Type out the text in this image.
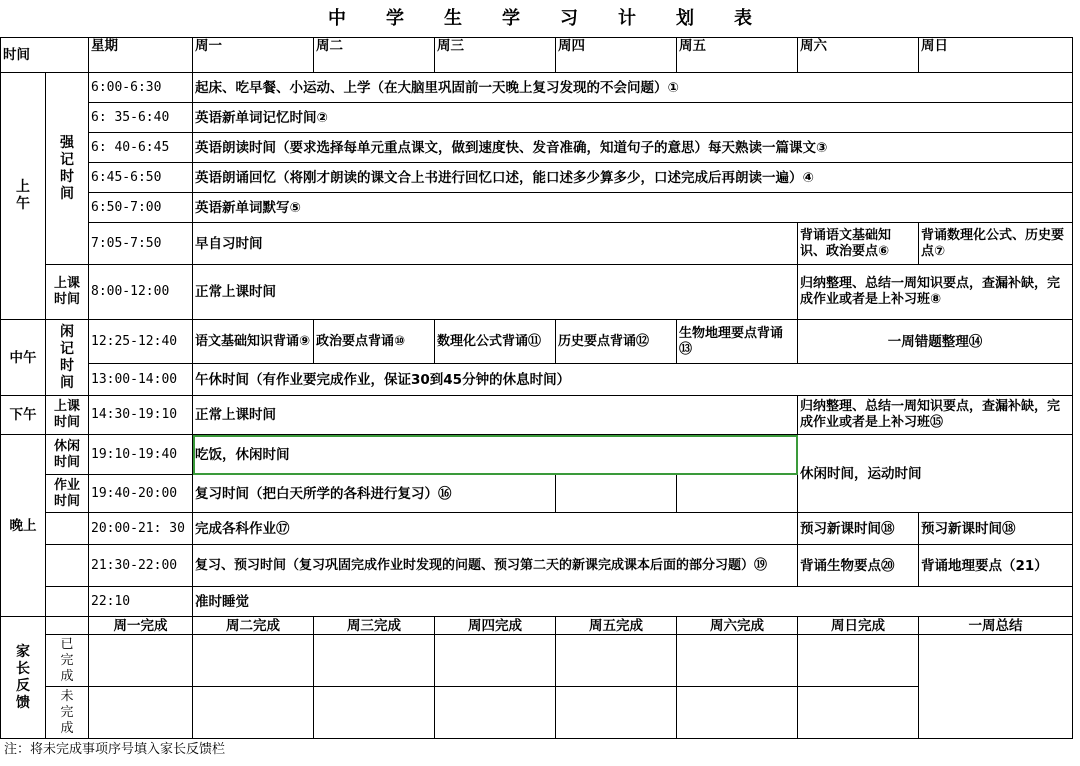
中学生学习计划表
时间		星期	周一	周二	周三	周四	周五	周六	周日
上午	强记时间	6:00-6:30	起床、吃早餐、小运动、上学（在大脑里巩固前一天晚上复习发现的不会问题）①						
		6: 35-6:40	英语新单词记忆时间②						
		6: 40-6:45	英语朗读时间（要求选择每单元重点课文，做到速度快、发音准确，知道句子的意思）每天熟读一篇课文③						
		6:45-6:50	英语朗诵回忆（将刚才朗读的课文合上书进行回忆口述，能口述多少算多少，口述完成后再朗读一遍）④						
		6:50-7:00	英语新单词默写⑤						
		7:05-7:50	早自习时间					背诵语文基础知识、政治要点⑥	背诵数理化公式、历史要点⑦
	上课时间	8:00-12:00	正常上课时间					归纳整理、总结一周知识要点，查漏补缺，完成作业或者是上补习班⑧	
中午	闲记时间	12:25-12:40	语文基础知识背诵⑨	政治要点背诵⑩	数理化公式背诵⑪	历史要点背诵⑫	生物地理要点背诵⑬	一周错题整理⑭	
		13:00-14:00	午休时间（有作业要完成作业，保证30到45分钟的休息时间）						
下午	上课时间	14:30-19:10	正常上课时间					归纳整理、总结一周知识要点，查漏补缺，完成作业或者是上补习班⑮	
晚上	休闲时间	19:10-19:40	吃饭，休闲时间					休闲时间，运动时间	
	作业时间	19:40-20:00	复习时间（把白天所学的各科进行复习）⑯						
		20:00-21: 30	完成各科作业⑰					预习新课时间⑱	预习新课时间⑱
		21:30-22:00	复习、预习时间（复习巩固完成作业时发现的问题、预习第二天的新课完成课本后面的部分习题）⑲					背诵生物要点⑳	背诵地理要点（21）
		22:10	准时睡觉						
家长反馈		周一完成	周二完成	周三完成	周四完成	周五完成	周六完成	周日完成	一周总结
	已完成								
	未完成								
注：将未完成事项序号填入家长反馈栏
